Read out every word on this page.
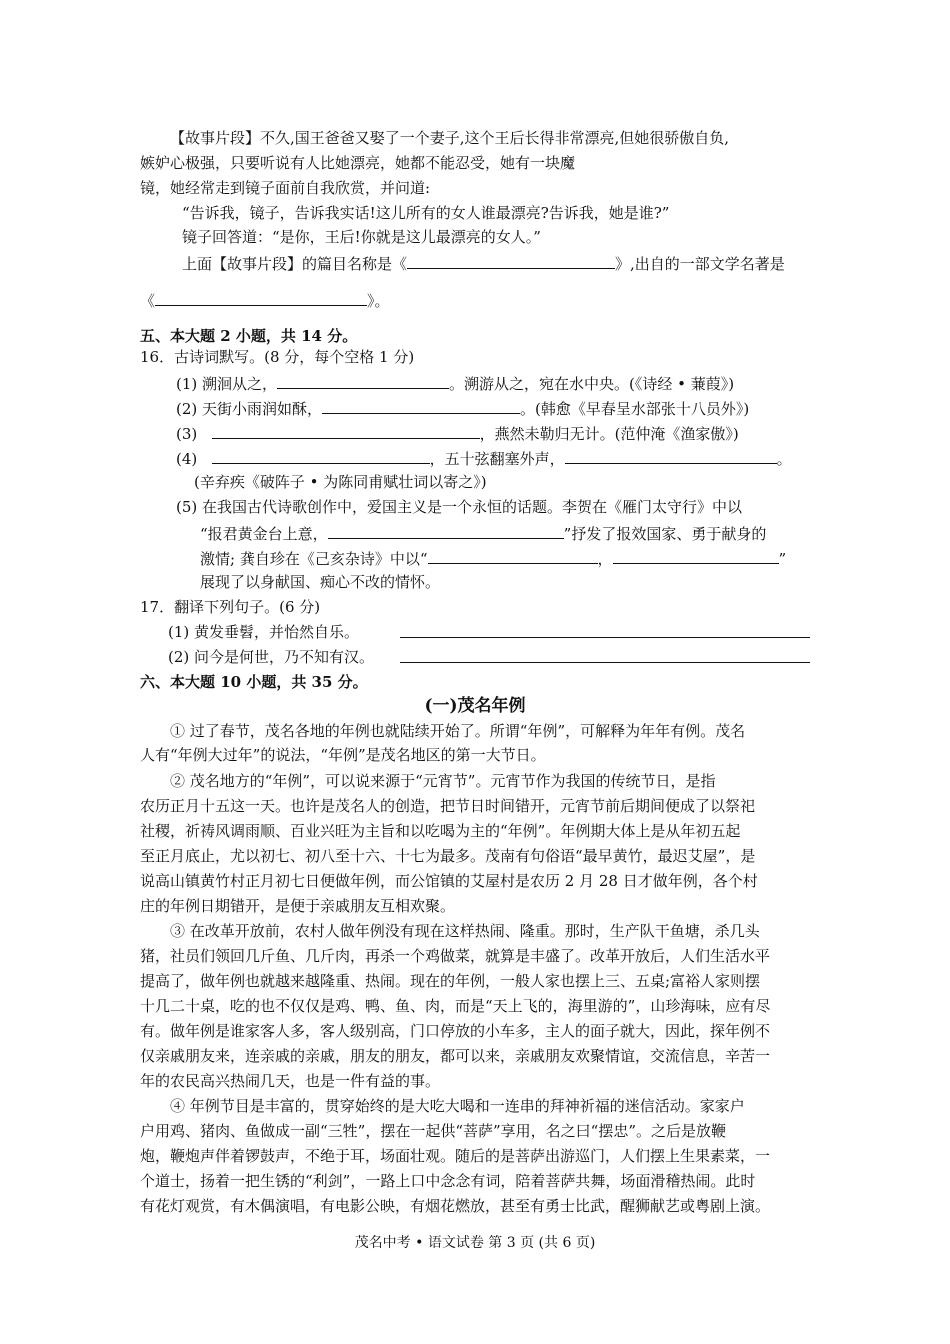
【故事片段】不久,国王爸爸又娶了一个妻子,这个王后长得非常漂亮,但她很骄傲自负,
嫉妒心极强，只要听说有人比她漂亮，她都不能忍受，她有一块魔
镜，她经常走到镜子面前自我欣赏，并问道:
“告诉我，镜子，告诉我实话!这儿所有的女人谁最漂亮?告诉我，她是谁?”
镜子回答道：“是你，王后!你就是这儿最漂亮的女人。”
上面【故事片段】的篇目名称是《	》,出自的一部文学名著是
《	》。
五、本大题 2 小题，共 14 分。
16．古诗词默写。(8 分，每个空格 1 分)
(1) 溯洄从之，	。溯游从之，宛在水中央。(《诗经 • 蒹葭》)
(2) 天街小雨润如酥，	。(韩愈《早春呈水部张十八员外》)
(3)	，燕然未勒归无计。(范仲淹《渔家傲》)
(4)	，五十弦翻塞外声，	。
(辛弃疾《破阵子 • 为陈同甫赋壮词以寄之》)
(5) 在我国古代诗歌创作中，爱国主义是一个永恒的话题。李贺在《雁门太守行》中以
“报君黄金台上意，	”抒发了报效国家、勇于献身的
激情; 龚自珍在《己亥杂诗》中以“	，	”
展现了以身献国、痴心不改的情怀。
17．翻译下列句子。(6 分)
(1) 黄发垂髫，并怡然自乐。
(2) 问今是何世，乃不知有汉。
六、本大题 10 小题，共 35 分。
(一)茂名年例
① 过了春节，茂名各地的年例也就陆续开始了。所谓“年例”，可解释为年年有例。茂名
人有“年例大过年”的说法，“年例”是茂名地区的第一大节日。
② 茂名地方的“年例”，可以说来源于“元宵节”。元宵节作为我国的传统节日，是指
农历正月十五这一天。也许是茂名人的创造，把节日时间错开，元宵节前后期间便成了以祭祀
社稷，祈祷风调雨顺、百业兴旺为主旨和以吃喝为主的“年例”。年例期大体上是从年初五起
至正月底止，尤以初七、初八至十六、十七为最多。茂南有句俗语“最早黄竹，最迟艾屋”，是
说高山镇黄竹村正月初七日便做年例，而公馆镇的艾屋村是农历 2 月 28 日才做年例，各个村
庄的年例日期错开，是便于亲戚朋友互相欢聚。
③ 在改革开放前，农村人做年例没有现在这样热闹、隆重。那时，生产队干鱼塘，杀几头
猪，社员们领回几斤鱼、几斤肉，再杀一个鸡做菜，就算是丰盛了。改革开放后，人们生活水平
提高了，做年例也就越来越隆重、热闹。现在的年例，一般人家也摆上三、五桌;富裕人家则摆
十几二十桌，吃的也不仅仅是鸡、鸭、鱼、肉，而是“天上飞的，海里游的”，山珍海味，应有尽
有。做年例是谁家客人多，客人级别高，门口停放的小车多，主人的面子就大，因此，探年例不
仅亲戚朋友来，连亲戚的亲戚，朋友的朋友，都可以来，亲戚朋友欢聚情谊，交流信息，辛苦一
年的农民高兴热闹几天，也是一件有益的事。
④ 年例节目是丰富的，贯穿始终的是大吃大喝和一连串的拜神祈福的迷信活动。家家户
户用鸡、猪肉、鱼做成一副“三牲”，摆在一起供“菩萨”享用，名之曰“摆忠”。之后是放鞭
炮，鞭炮声伴着锣鼓声，不绝于耳，场面壮观。随后的是菩萨出游巡门，人们摆上生果素菜，一
个道士，扬着一把生锈的“利剑”，一路上口中念念有词，陪着菩萨共舞，场面滑稽热闹。此时
有花灯观赏，有木偶演唱，有电影公映，有烟花燃放，甚至有勇士比武，醒狮献艺或粤剧上演。
茂名中考 • 语文试卷 第 3 页 (共 6 页)
